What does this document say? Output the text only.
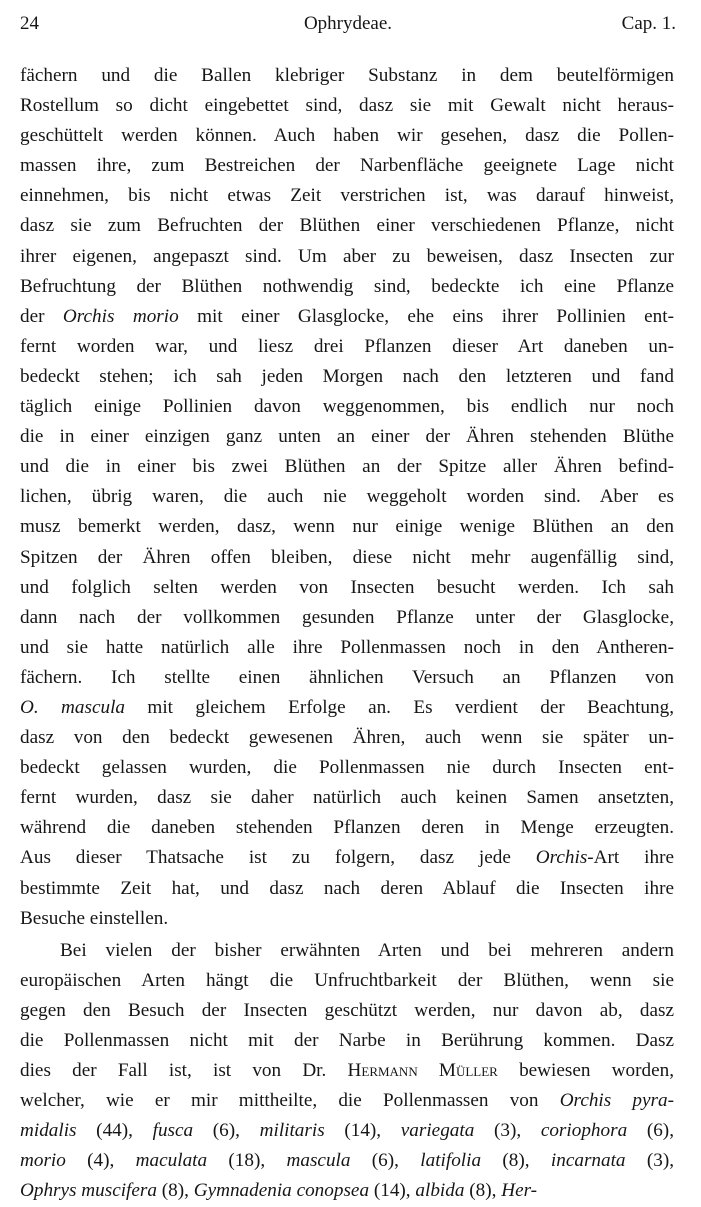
24	Ophrydeae.	Cap. 1.
fächern und die Ballen klebriger Substanz in dem beutelförmigen
Rostellum so dicht eingebettet sind, dasz sie mit Gewalt nicht heraus-
geschüttelt werden können. Auch haben wir gesehen, dasz die Pollen-
massen ihre, zum Bestreichen der Narbenfläche geeignete Lage nicht
einnehmen, bis nicht etwas Zeit verstrichen ist, was darauf hinweist,
dasz sie zum Befruchten der Blüthen einer verschiedenen Pflanze, nicht
ihrer eigenen, angepaszt sind. Um aber zu beweisen, dasz Insecten zur
Befruchtung der Blüthen nothwendig sind, bedeckte ich eine Pflanze
der Orchis morio mit einer Glasglocke, ehe eins ihrer Pollinien ent-
fernt worden war, und liesz drei Pflanzen dieser Art daneben un-
bedeckt stehen; ich sah jeden Morgen nach den letzteren und fand
täglich einige Pollinien davon weggenommen, bis endlich nur noch
die in einer einzigen ganz unten an einer der Ähren stehenden Blüthe
und die in einer bis zwei Blüthen an der Spitze aller Ähren befind-
lichen, übrig waren, die auch nie weggeholt worden sind. Aber es
musz bemerkt werden, dasz, wenn nur einige wenige Blüthen an den
Spitzen der Ähren offen bleiben, diese nicht mehr augenfällig sind,
und folglich selten werden von Insecten besucht werden. Ich sah
dann nach der vollkommen gesunden Pflanze unter der Glasglocke,
und sie hatte natürlich alle ihre Pollenmassen noch in den Antheren-
fächern. Ich stellte einen ähnlichen Versuch an Pflanzen von
O. mascula mit gleichem Erfolge an. Es verdient der Beachtung,
dasz von den bedeckt gewesenen Ähren, auch wenn sie später un-
bedeckt gelassen wurden, die Pollenmassen nie durch Insecten ent-
fernt wurden, dasz sie daher natürlich auch keinen Samen ansetzten,
während die daneben stehenden Pflanzen deren in Menge erzeugten.
Aus dieser Thatsache ist zu folgern, dasz jede Orchis-Art ihre
bestimmte Zeit hat, und dasz nach deren Ablauf die Insecten ihre
Besuche einstellen.
Bei vielen der bisher erwähnten Arten und bei mehreren andern
europäischen Arten hängt die Unfruchtbarkeit der Blüthen, wenn sie
gegen den Besuch der Insecten geschützt werden, nur davon ab, dasz
die Pollenmassen nicht mit der Narbe in Berührung kommen. Dasz
dies der Fall ist, ist von Dr. Hermann Müller bewiesen worden,
welcher, wie er mir mittheilte, die Pollenmassen von Orchis pyra-
midalis (44), fusca (6), militaris (14), variegata (3), coriophora (6),
morio (4), maculata (18), mascula (6), latifolia (8), incarnata (3),
Ophrys muscifera (8), Gymnadenia conopsea (14), albida (8), Her-
